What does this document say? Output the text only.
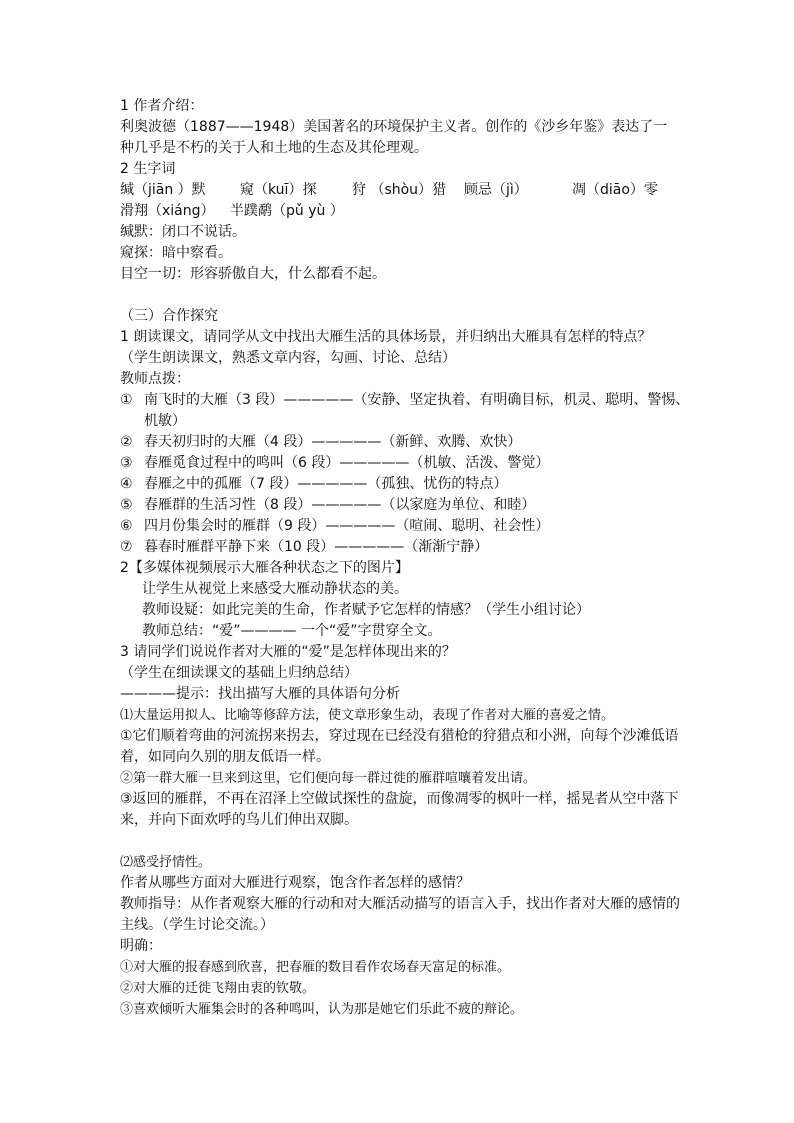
1 作者介绍：

利奥波德（1887——1948）美国著名的环境保护主义者。创作的《沙乡年鉴》表达了一种几乎是不朽的关于人和土地的生态及其伦理观。

2 生字词

缄（jiān ）默	窥（kuī）探	狩 （shòu）猎	顾忌（jì）	凋（diāo）零
滑翔（xiáng）	半蹼鹬（pǔ yù ）

缄默：闭口不说话。

窥探：暗中察看。

目空一切：形容骄傲自大，什么都看不起。

（三）合作探究

1 朗读课文，请同学从文中找出大雁生活的具体场景，并归纳出大雁具有怎样的特点？

（学生朗读课文，熟悉文章内容，勾画、讨论、总结）

教师点拨：

① 南飞时的大雁（3 段）—————（安静、坚定执着、有明确目标，机灵、聪明、警惕、

机敏）

② 春天初归时的大雁（4 段）—————（新鲜、欢腾、欢快）

③ 春雁觅食过程中的鸣叫（6 段）—————（机敏、活泼、警觉）

④ 春雁之中的孤雁（7 段）—————（孤独、忧伤的特点）

⑤ 春雁群的生活习性（8 段）—————（以家庭为单位、和睦）

⑥ 四月份集会时的雁群（9 段）—————（喧闹、聪明、社会性）

⑦ 暮春时雁群平静下来（10 段）—————（渐渐宁静）

2【多媒体视频展示大雁各种状态之下的图片】

让学生从视觉上来感受大雁动静状态的美。

教师设疑：如此完美的生命，作者赋予它怎样的情感？（学生小组讨论）

教师总结：“爱”———— 一个“爱”字贯穿全文。

3 请同学们说说作者对大雁的“爱”是怎样体现出来的？

（学生在细读课文的基础上归纳总结）

————提示：找出描写大雁的具体语句分析

⑴大量运用拟人、比喻等修辞方法，使文章形象生动，表现了作者对大雁的喜爱之情。

①它们顺着弯曲的河流拐来拐去，穿过现在已经没有猎枪的狩猎点和小洲，向每个沙滩低语着，如同向久别的朋友低语一样。

②第一群大雁一旦来到这里，它们便向每一群过徙的雁群喧嚷着发出请。

③返回的雁群，不再在沼泽上空做试探性的盘旋，而像凋零的枫叶一样，摇晃者从空中落下来，并向下面欢呼的鸟儿们伸出双脚。

⑵感受抒情性。

作者从哪些方面对大雁进行观察，饱含作者怎样的感情？

教师指导：从作者观察大雁的行动和对大雁活动描写的语言入手，找出作者对大雁的感情的主线。（学生讨论交流。）

明确：

①对大雁的报春感到欣喜，把春雁的数目看作农场春天富足的标准。

②对大雁的迁徙飞翔由衷的钦敬。

③喜欢倾听大雁集会时的各种鸣叫，认为那是她它们乐此不疲的辩论。
